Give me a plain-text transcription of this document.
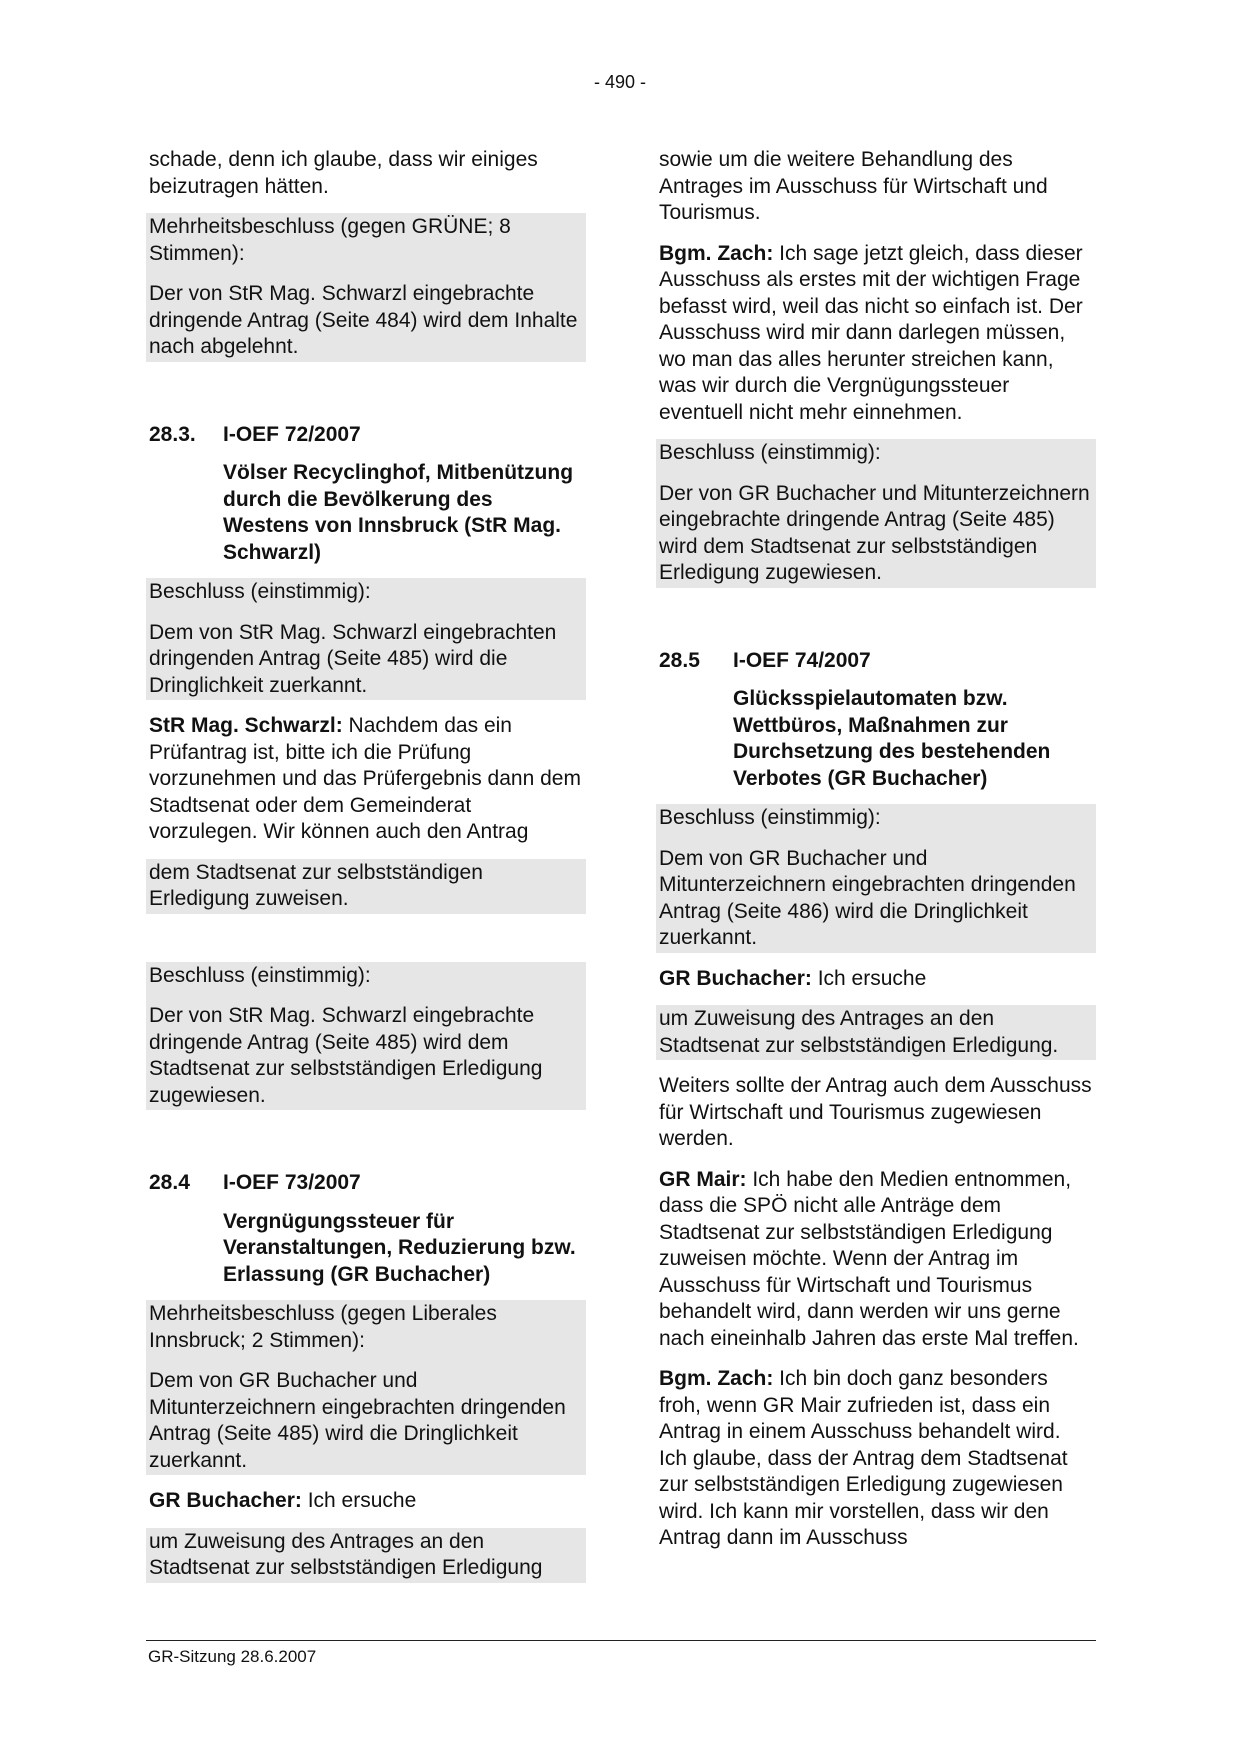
- 490 -

schade, denn ich glaube, dass wir einiges beizutragen hätten.

Mehrheitsbeschluss (gegen GRÜNE; 8 Stimmen):

Der von StR Mag. Schwarzl eingebrachte dringende Antrag (Seite 484) wird dem Inhalte nach abgelehnt.

28.3. I-OEF 72/2007
Völser Recyclinghof, Mitbenützung durch die Bevölkerung des Westens von Innsbruck (StR Mag. Schwarzl)

Beschluss (einstimmig):

Dem von StR Mag. Schwarzl eingebrachten dringenden Antrag (Seite 485) wird die Dringlichkeit zuerkannt.

StR Mag. Schwarzl: Nachdem das ein Prüfantrag ist, bitte ich die Prüfung vorzunehmen und das Prüfergebnis dann dem Stadtsenat oder dem Gemeinderat vorzulegen. Wir können auch den Antrag

dem Stadtsenat zur selbstständigen Erledigung zuweisen.

Beschluss (einstimmig):

Der von StR Mag. Schwarzl eingebrachte dringende Antrag (Seite 485) wird dem Stadtsenat zur selbstständigen Erledigung zugewiesen.

28.4 I-OEF 73/2007
Vergnügungssteuer für Veranstaltungen, Reduzierung bzw. Erlassung (GR Buchacher)

Mehrheitsbeschluss (gegen Liberales Innsbruck; 2 Stimmen):

Dem von GR Buchacher und Mitunterzeichnern eingebrachten dringenden Antrag (Seite 485) wird die Dringlichkeit zuerkannt.

GR Buchacher: Ich ersuche

um Zuweisung des Antrages an den Stadtsenat zur selbstständigen Erledigung

sowie um die weitere Behandlung des Antrages im Ausschuss für Wirtschaft und Tourismus.

Bgm. Zach: Ich sage jetzt gleich, dass dieser Ausschuss als erstes mit der wichtigen Frage befasst wird, weil das nicht so einfach ist. Der Ausschuss wird mir dann darlegen müssen, wo man das alles herunter streichen kann, was wir durch die Vergnügungssteuer eventuell nicht mehr einnehmen.

Beschluss (einstimmig):

Der von GR Buchacher und Mitunterzeichnern eingebrachte dringende Antrag (Seite 485) wird dem Stadtsenat zur selbstständigen Erledigung zugewiesen.

28.5 I-OEF 74/2007
Glücksspielautomaten bzw. Wettbüros, Maßnahmen zur Durchsetzung des bestehenden Verbotes (GR Buchacher)

Beschluss (einstimmig):

Dem von GR Buchacher und Mitunterzeichnern eingebrachten dringenden Antrag (Seite 486) wird die Dringlichkeit zuerkannt.

GR Buchacher: Ich ersuche

um Zuweisung des Antrages an den Stadtsenat zur selbstständigen Erledigung.

Weiters sollte der Antrag auch dem Ausschuss für Wirtschaft und Tourismus zugewiesen werden.

GR Mair: Ich habe den Medien entnommen, dass die SPÖ nicht alle Anträge dem Stadtsenat zur selbstständigen Erledigung zuweisen möchte. Wenn der Antrag im Ausschuss für Wirtschaft und Tourismus behandelt wird, dann werden wir uns gerne nach eineinhalb Jahren das erste Mal treffen.

Bgm. Zach: Ich bin doch ganz besonders froh, wenn GR Mair zufrieden ist, dass ein Antrag in einem Ausschuss behandelt wird. Ich glaube, dass der Antrag dem Stadtsenat zur selbstständigen Erledigung zugewiesen wird. Ich kann mir vorstellen, dass wir den Antrag dann im Ausschuss

GR-Sitzung 28.6.2007
